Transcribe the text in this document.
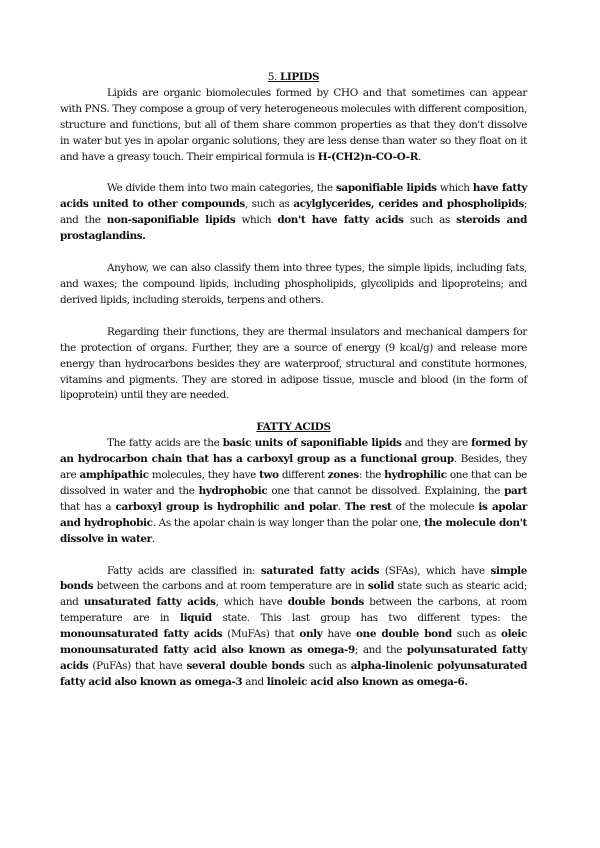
5. LIPIDS

Lipids are organic biomolecules formed by CHO and that sometimes can appear with PNS. They compose a group of very heterogeneous molecules with different composition, structure and functions, but all of them share common properties as that they don't dissolve in water but yes in apolar organic solutions, they are less dense than water so they float on it and have a greasy touch. Their empirical formula is H-(CH2)n-CO-O-R.

We divide them into two main categories, the saponifiable lipids which have fatty acids united to other compounds, such as acylglycerides, cerides and phospholipids; and the non-saponifiable lipids which don't have fatty acids such as steroids and prostaglandins.

Anyhow, we can also classify them into three types, the simple lipids, including fats, and waxes; the compound lipids, including phospholipids, glycolipids and lipoproteins; and derived lipids, including steroids, terpens and others.

Regarding their functions, they are thermal insulators and mechanical dampers for the protection of organs. Further, they are a source of energy (9 kcal/g) and release more energy than hydrocarbons besides they are waterproof, structural and constitute hormones, vitamins and pigments. They are stored in adipose tissue, muscle and blood (in the form of lipoprotein) until they are needed.

FATTY ACIDS

The fatty acids are the basic units of saponifiable lipids and they are formed by an hydrocarbon chain that has a carboxyl group as a functional group. Besides, they are amphipathic molecules, they have two different zones: the hydrophilic one that can be dissolved in water and the hydrophobic one that cannot be dissolved. Explaining, the part that has a carboxyl group is hydrophilic and polar. The rest of the molecule is apolar and hydrophobic. As the apolar chain is way longer than the polar one, the molecule don't dissolve in water.

Fatty acids are classified in: saturated fatty acids (SFAs), which have simple bonds between the carbons and at room temperature are in solid state such as stearic acid; and unsaturated fatty acids, which have double bonds between the carbons, at room temperature are in liquid state. This last group has two different types: the monounsaturated fatty acids (MuFAs) that only have one double bond such as oleic monounsaturated fatty acid also known as omega-9; and the polyunsaturated fatty acids (PuFAs) that have several double bonds such as alpha-linolenic polyunsaturated fatty acid also known as omega-3 and linoleic acid also known as omega-6.
